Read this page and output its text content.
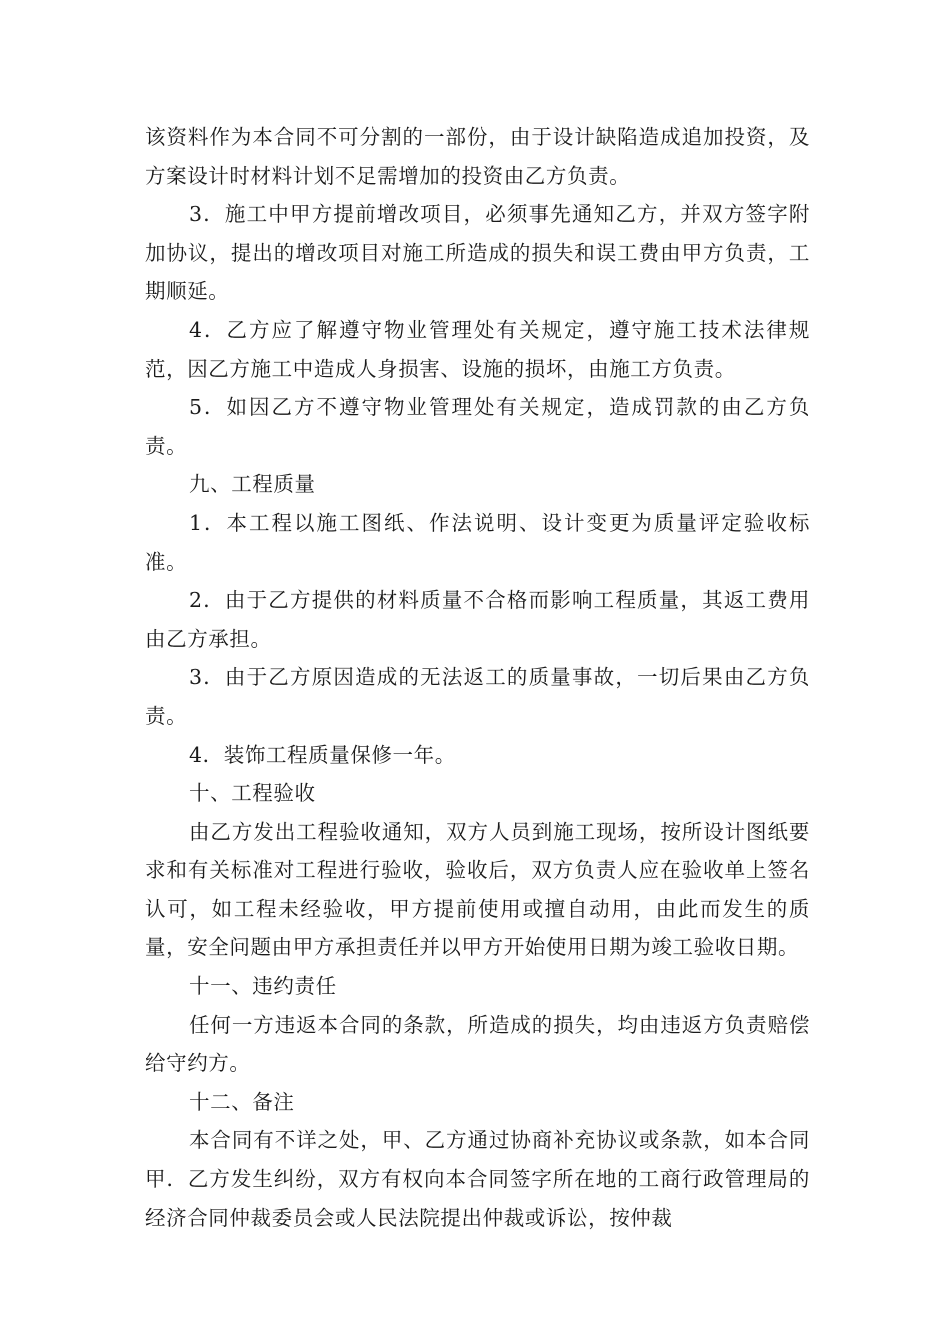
该资料作为本合同不可分割的一部份，由于设计缺陷造成追加投资，及方案设计时材料计划不足需增加的投资由乙方负责。

3．施工中甲方提前增改项目，必须事先通知乙方，并双方签字附加协议，提出的增改项目对施工所造成的损失和误工费由甲方负责，工期顺延。

4．乙方应了解遵守物业管理处有关规定，遵守施工技术法律规范，因乙方施工中造成人身损害、设施的损坏，由施工方负责。

5．如因乙方不遵守物业管理处有关规定，造成罚款的由乙方负责。

九、工程质量

1．本工程以施工图纸、作法说明、设计变更为质量评定验收标准。

2．由于乙方提供的材料质量不合格而影响工程质量，其返工费用由乙方承担。

3．由于乙方原因造成的无法返工的质量事故，一切后果由乙方负责。

4．装饰工程质量保修一年。

十、工程验收

由乙方发出工程验收通知，双方人员到施工现场，按所设计图纸要求和有关标准对工程进行验收，验收后，双方负责人应在验收单上签名认可，如工程未经验收，甲方提前使用或擅自动用，由此而发生的质量，安全问题由甲方承担责任并以甲方开始使用日期为竣工验收日期。

十一、违约责任

任何一方违返本合同的条款，所造成的损失，均由违返方负责赔偿给守约方。

十二、备注

本合同有不详之处，甲、乙方通过协商补充协议或条款，如本合同甲．乙方发生纠纷，双方有权向本合同签字所在地的工商行政管理局的经济合同仲裁委员会或人民法院提出仲裁或诉讼，按仲裁
